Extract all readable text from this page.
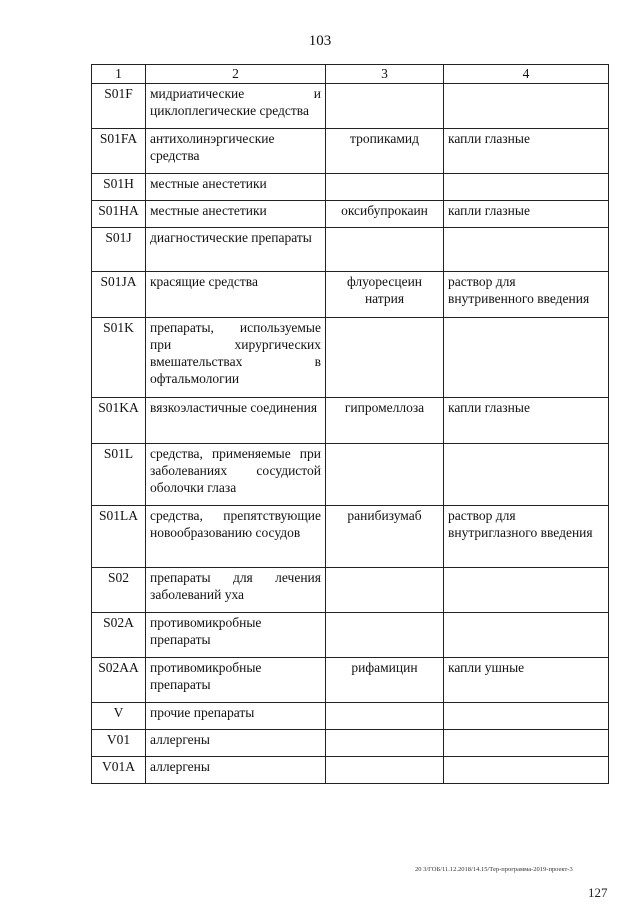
103
1	2	3	4
S01F	мидриатические и циклоплегические средства		
S01FA	антихолинэргические средства	тропикамид	капли глазные
S01H	местные анестетики		
S01HA	местные анестетики	оксибупрокаин	капли глазные
S01J	диагностические препараты		
S01JA	красящие средства	флуоресцеин натрия	раствор для внутривенного введения
S01K	препараты, используемые при хирургических вмешательствах в офтальмологии		
S01KA	вязкоэластичные соединения	гипромеллоза	капли глазные
S01L	средства, применяемые при заболеваниях сосудистой оболочки глаза		
S01LA	средства, препятствующие новообразованию сосудов	ранибизумаб	раствор для внутриглазного введения
S02	препараты для лечения заболеваний уха		
S02A	противомикробные препараты		
S02AA	противомикробные препараты	рифамицин	капли ушные
V	прочие препараты		
V01	аллергены		
V01A	аллергены		
20 3/ГОБ/11.12.2018/14.15/Тер-программа-2019-проект-3
127
